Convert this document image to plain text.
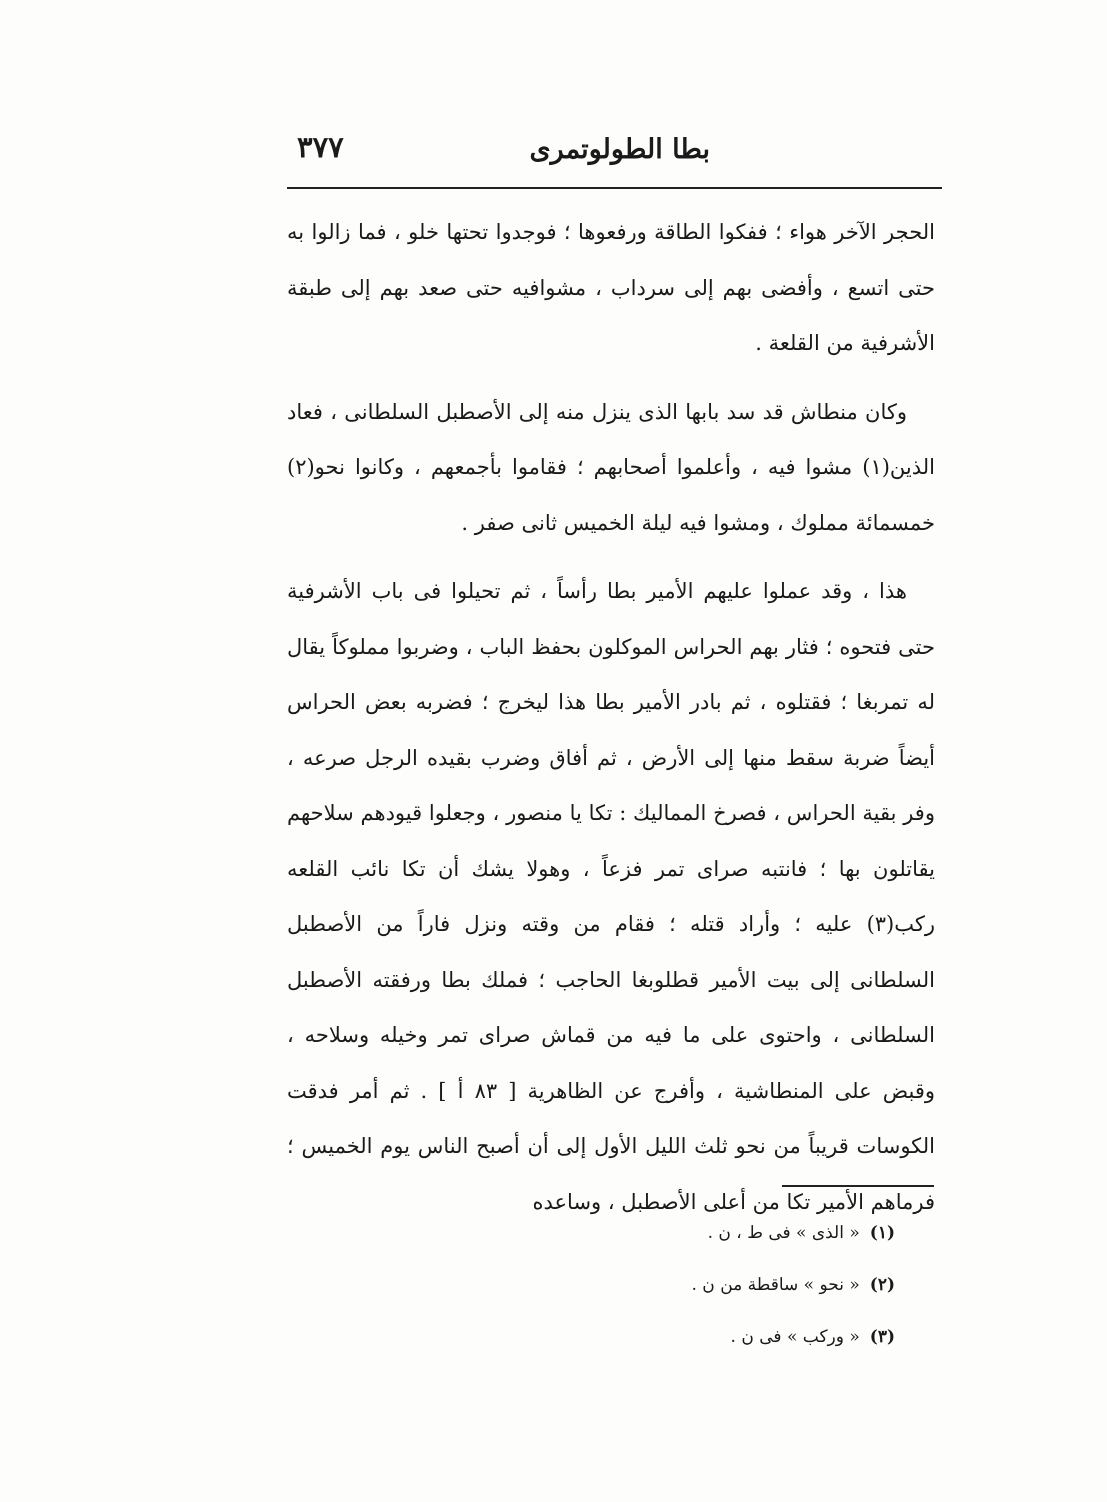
بطا الطولوتمرى
٣٧٧

الحجر الآخر هواء ؛ ففكوا الطاقة ورفعوها ؛ فوجدوا تحتها خلو ، فما زالوا به حتى اتسع ، وأفضى بهم إلى سرداب ، مشوافيه حتى صعد بهم إلى طبقة الأشرفية من القلعة .

وكان منطاش قد سد بابها الذى ينزل منه إلى الأصطبل السلطانى ، فعاد الذين(١) مشوا فيه ، وأعلموا أصحابهم ؛ فقاموا بأجمعهم ، وكانوا نحو(٢) خمسمائة مملوك ، ومشوا فيه ليلة الخميس ثانى صفر .

هذا ، وقد عملوا عليهم الأمير بطا رأساً ، ثم تحيلوا فى باب الأشرفية حتى فتحوه ؛ فثار بهم الحراس الموكلون بحفظ الباب ، وضربوا مملوكاً يقال له تمربغا ؛ فقتلوه ، ثم بادر الأمير بطا هذا ليخرج ؛ فضربه بعض الحراس أيضاً ضربة سقط منها إلى الأرض ، ثم أفاق وضرب بقيده الرجل صرعه ، وفر بقية الحراس ، فصرخ المماليك : تكا يا منصور ، وجعلوا قيودهم سلاحهم يقاتلون بها ؛ فانتبه صراى تمر فزعاً ، وهولا يشك أن تكا نائب القلعه ركب(٣) عليه ؛ وأراد قتله ؛ فقام من وقته ونزل فاراً من الأصطبل السلطانى إلى بيت الأمير قطلوبغا الحاجب ؛ فملك بطا ورفقته الأصطبل السلطانى ، واحتوى على ما فيه من قماش صراى تمر وخيله وسلاحه ، وقبض على المنطاشية ، وأفرج عن الظاهرية [ ٨٣ أ ] . ثم أمر فدقت الكوسات قريباً من نحو ثلث الليل الأول إلى أن أصبح الناس يوم الخميس ؛ فرماهم الأمير تكا من أعلى الأصطبل ، وساعده

(١)« الذى » فى ط ، ن .
(٢)« نحو » ساقطة من ن .
(٣)« وركب » فى ن .
